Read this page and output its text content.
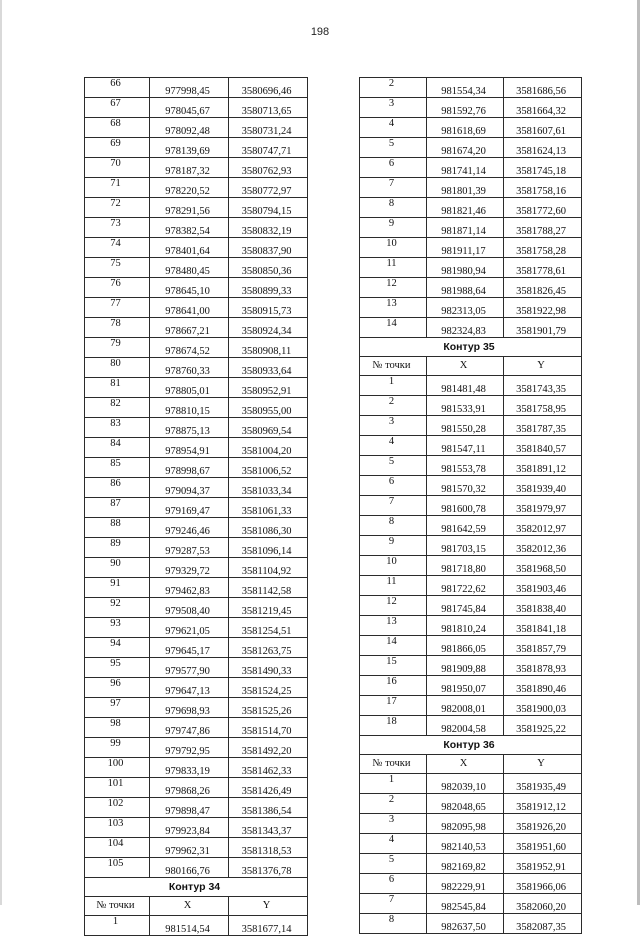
198
66	977998,45	3580696,46
67	978045,67	3580713,65
68	978092,48	3580731,24
69	978139,69	3580747,71
70	978187,32	3580762,93
71	978220,52	3580772,97
72	978291,56	3580794,15
73	978382,54	3580832,19
74	978401,64	3580837,90
75	978480,45	3580850,36
76	978645,10	3580899,33
77	978641,00	3580915,73
78	978667,21	3580924,34
79	978674,52	3580908,11
80	978760,33	3580933,64
81	978805,01	3580952,91
82	978810,15	3580955,00
83	978875,13	3580969,54
84	978954,91	3581004,20
85	978998,67	3581006,52
86	979094,37	3581033,34
87	979169,47	3581061,33
88	979246,46	3581086,30
89	979287,53	3581096,14
90	979329,72	3581104,92
91	979462,83	3581142,58
92	979508,40	3581219,45
93	979621,05	3581254,51
94	979645,17	3581263,75
95	979577,90	3581490,33
96	979647,13	3581524,25
97	979698,93	3581525,26
98	979747,86	3581514,70
99	979792,95	3581492,20
100	979833,19	3581462,33
101	979868,26	3581426,49
102	979898,47	3581386,54
103	979923,84	3581343,37
104	979962,31	3581318,53
105	980166,76	3581376,78
Контур 34		
№ точки	X	Y
1	981514,54	3581677,14
2	981554,34	3581686,56
3	981592,76	3581664,32
4	981618,69	3581607,61
5	981674,20	3581624,13
6	981741,14	3581745,18
7	981801,39	3581758,16
8	981821,46	3581772,60
9	981871,14	3581788,27
10	981911,17	3581758,28
11	981980,94	3581778,61
12	981988,64	3581826,45
13	982313,05	3581922,98
14	982324,83	3581901,79
Контур 35		
№ точки	X	Y
1	981481,48	3581743,35
2	981533,91	3581758,95
3	981550,28	3581787,35
4	981547,11	3581840,57
5	981553,78	3581891,12
6	981570,32	3581939,40
7	981600,78	3581979,97
8	981642,59	3582012,97
9	981703,15	3582012,36
10	981718,80	3581968,50
11	981722,62	3581903,46
12	981745,84	3581838,40
13	981810,24	3581841,18
14	981866,05	3581857,79
15	981909,88	3581878,93
16	981950,07	3581890,46
17	982008,01	3581900,03
18	982004,58	3581925,22
Контур 36		
№ точки	X	Y
1	982039,10	3581935,49
2	982048,65	3581912,12
3	982095,98	3581926,20
4	982140,53	3581951,60
5	982169,82	3581952,91
6	982229,91	3581966,06
7	982545,84	3582060,20
8	982637,50	3582087,35
